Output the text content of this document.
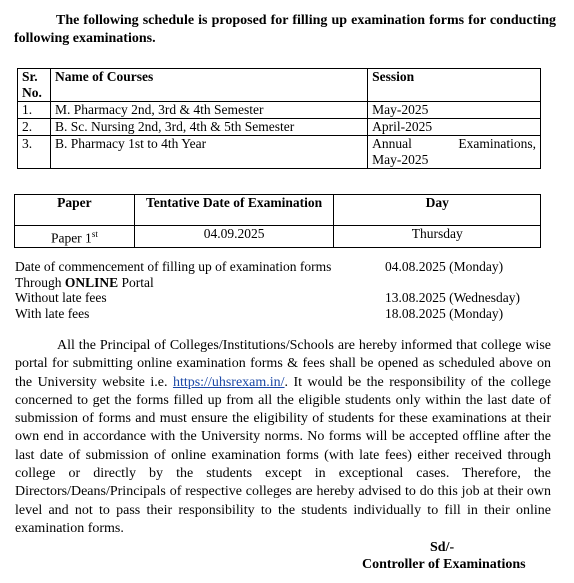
The following schedule is proposed for filling up examination forms for conducting following examinations.
Sr. No.	Name of Courses	Session
1.	M. Pharmacy 2nd, 3rd & 4th Semester	May-2025
2.	B. Sc. Nursing 2nd, 3rd, 4th & 5th Semester	April-2025
3.	B. Pharmacy 1st to 4th Year	Annual Examinations,
May-2025
Paper	Tentative Date of Examination	Day
Paper 1st	04.09.2025	Thursday
Date of commencement of filling up of examination forms	04.08.2025 (Monday)
Through ONLINE Portal
Without late fees	13.08.2025 (Wednesday)
With late fees	18.08.2025 (Monday)
All the Principal of Colleges/Institutions/Schools are hereby informed that college wise portal for submitting online examination forms & fees shall be opened as scheduled above on the University website i.e. https://uhsrexam.in/. It would be the responsibility of the college concerned to get the forms filled up from all the eligible students only within the last date of submission of forms and must ensure the eligibility of students for these examinations at their own end in accordance with the University norms. No forms will be accepted offline after the last date of submission of online examination forms (with late fees) either received through college or directly by the students except in exceptional cases. Therefore, the Directors/Deans/Principals of respective colleges are hereby advised to do this job at their own level and not to pass their responsibility to the students individually to fill in their online examination forms.
Sd/-
Controller of Examinations
